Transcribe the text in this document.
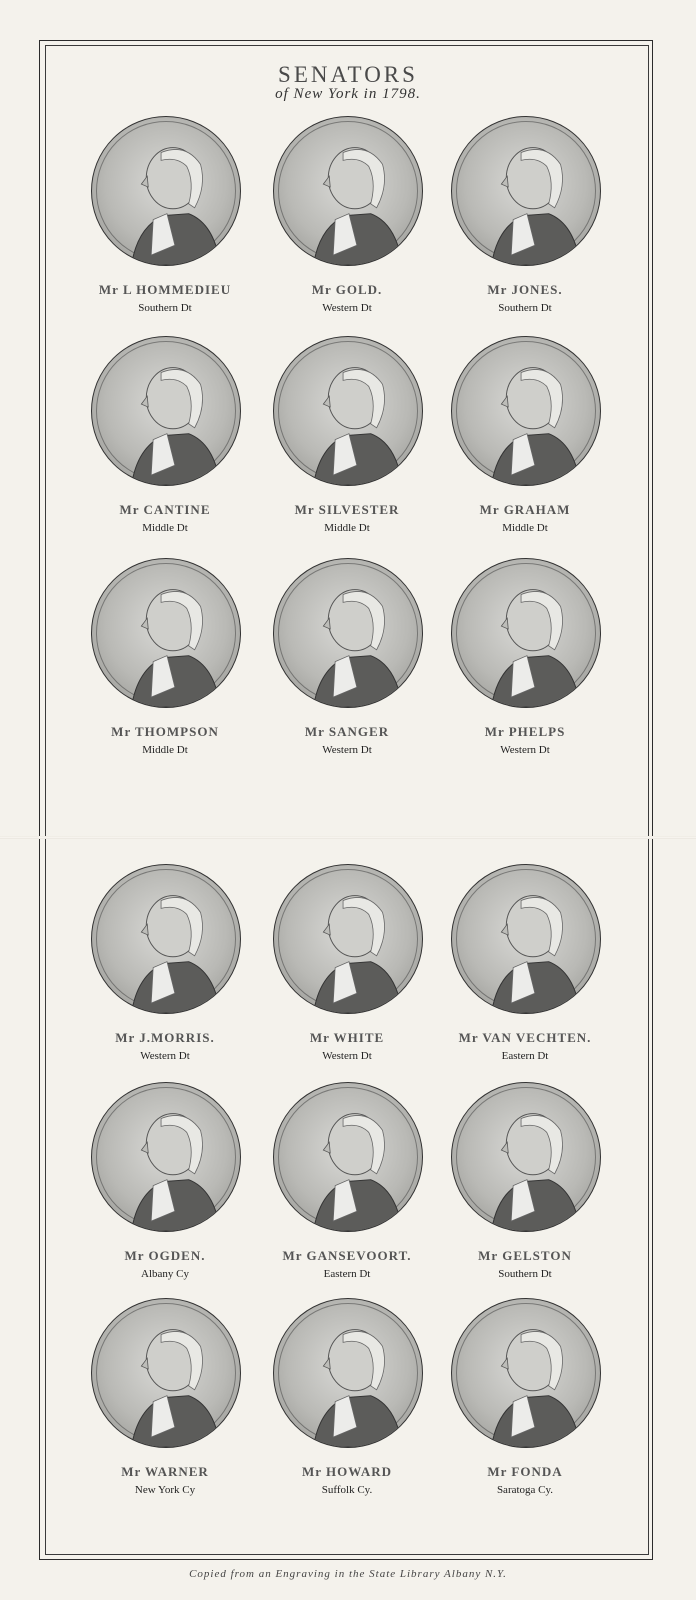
SENATORS
of New York in 1798.
Mr L HOMMEDIEU
Southern Dt
Mr GOLD.
Western Dt
Mr JONES.
Southern Dt
Mr CANTINE
Middle Dt
Mr SILVESTER
Middle Dt
Mr GRAHAM
Middle Dt
Mr THOMPSON
Middle Dt
Mr SANGER
Western Dt
Mr PHELPS
Western Dt
Mr J.MORRIS.
Western Dt
Mr WHITE
Western Dt
Mr VAN VECHTEN.
Eastern Dt
Mr OGDEN.
Albany Cy
Mr GANSEVOORT.
Eastern Dt
Mr GELSTON
Southern Dt
Mr WARNER
New York Cy
Mr HOWARD
Suffolk Cy.
Mr FONDA
Saratoga Cy.
Copied from an Engraving in the State Library Albany N.Y.
